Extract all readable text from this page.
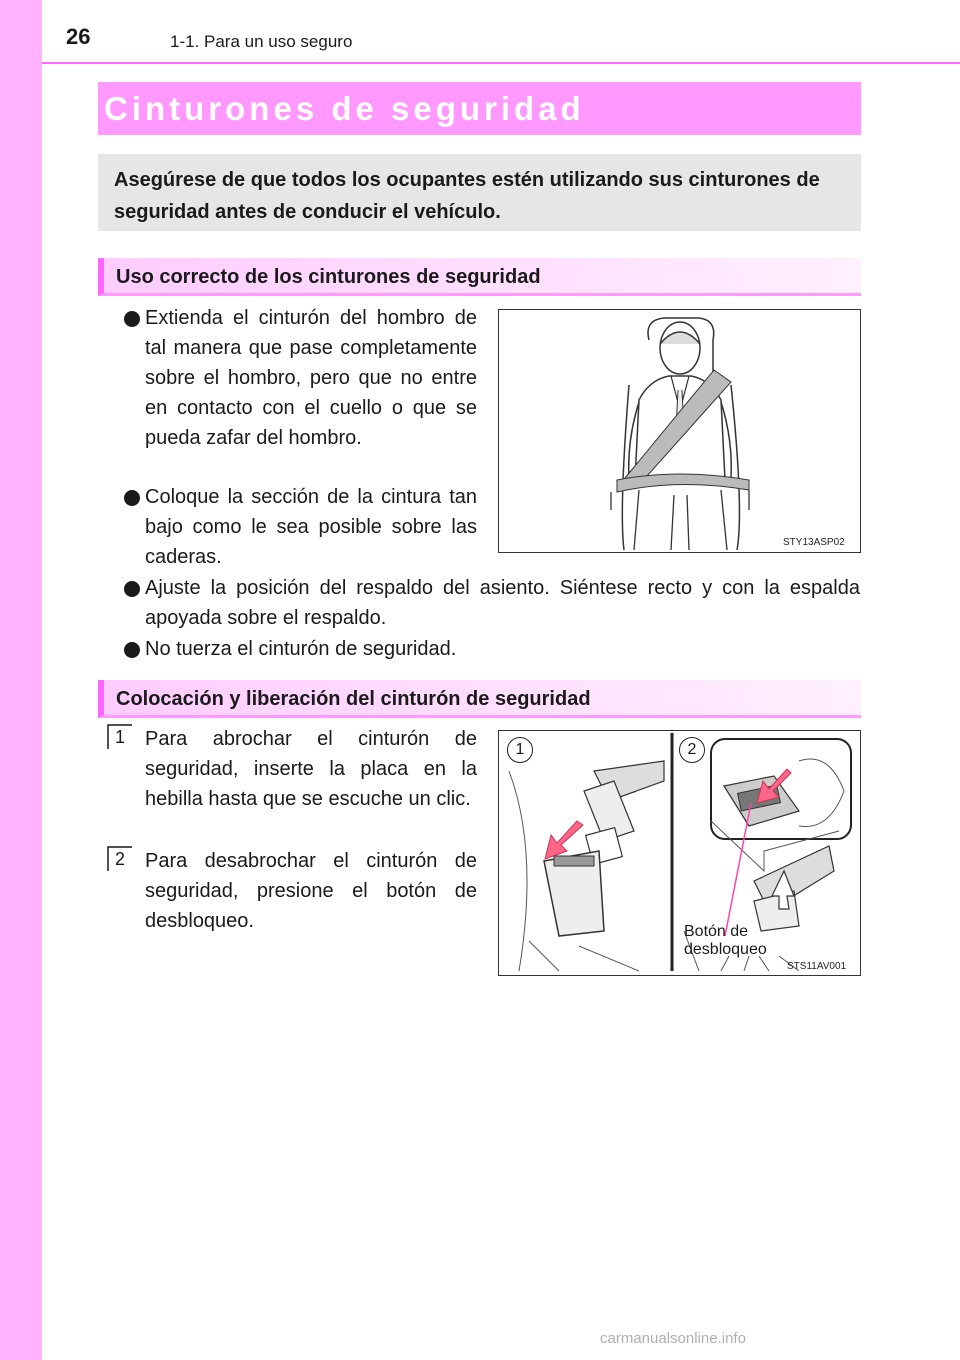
26	1-1. Para un uso seguro
Cinturones de seguridad
Asegúrese de que todos los ocupantes estén utilizando sus cinturones de seguridad antes de conducir el vehículo.
Uso correcto de los cinturones de seguridad
Extienda el cinturón del hombro de tal manera que pase completamente sobre el hombro, pero que no entre en contacto con el cuello o que se pueda zafar del hombro.
Coloque la sección de la cintura tan bajo como le sea posible sobre las caderas.
Ajuste la posición del respaldo del asiento. Siéntese recto y con la espalda apoyada sobre el respaldo.
No tuerza el cinturón de seguridad.
STY13ASP02
Colocación y liberación del cinturón de seguridad
1	Para abrochar el cinturón de seguridad, inserte la placa en la hebilla hasta que se escuche un clic.
2	Para desabrochar el cinturón de seguridad, presione el botón de desbloqueo.
1	2
Botón de
desbloqueo
STS11AV001
carmanualsonline.info
